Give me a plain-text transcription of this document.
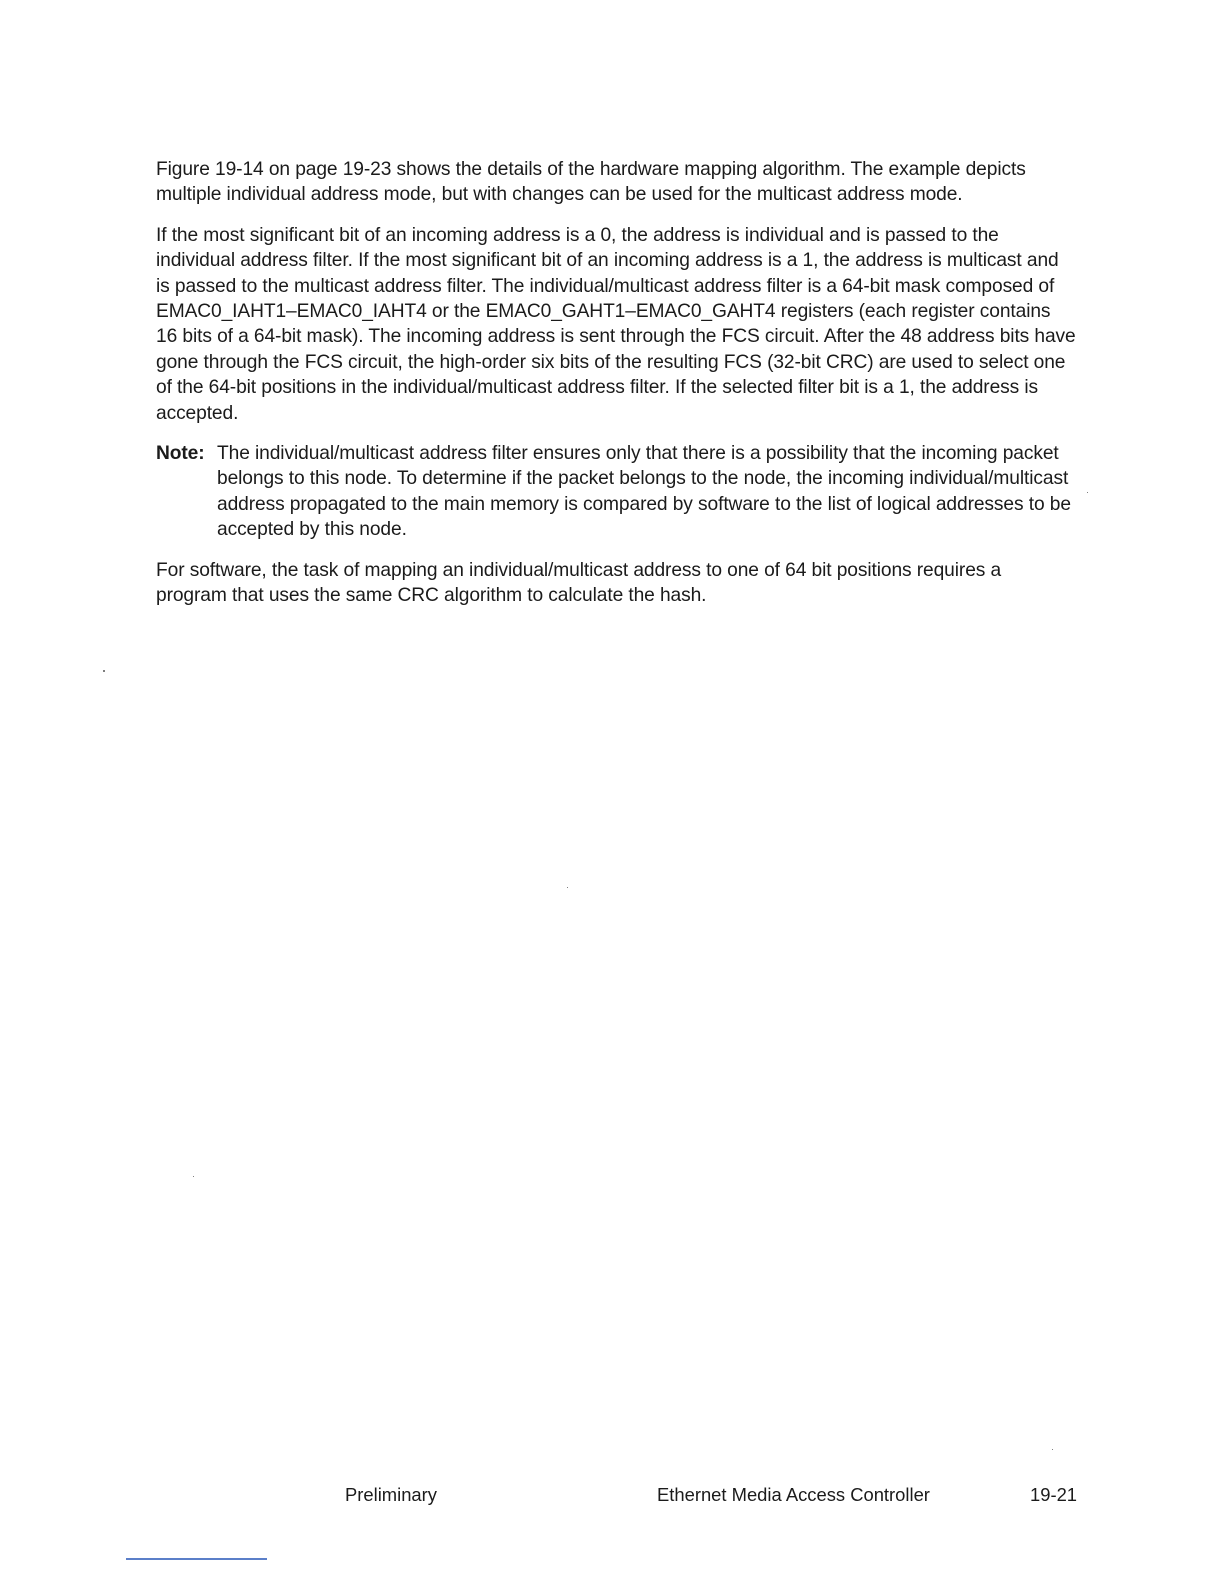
Figure 19-14 on page 19-23 shows the details of the hardware mapping algorithm. The example depicts multiple individual address mode, but with changes can be used for the multicast address mode.

If the most significant bit of an incoming address is a 0, the address is individual and is passed to the individual address filter. If the most significant bit of an incoming address is a 1, the address is multicast and is passed to the multicast address filter. The individual/multicast address filter is a 64-bit mask composed of EMAC0_IAHT1–EMAC0_IAHT4 or the EMAC0_GAHT1–EMAC0_GAHT4 registers (each register contains 16 bits of a 64-bit mask). The incoming address is sent through the FCS circuit. After the 48 address bits have gone through the FCS circuit, the high-order six bits of the resulting FCS (32-bit CRC) are used to select one of the 64-bit positions in the individual/multicast address filter. If the selected filter bit is a 1, the address is accepted.

Note: The individual/multicast address filter ensures only that there is a possibility that the incoming packet belongs to this node. To determine if the packet belongs to the node, the incoming individual/multicast address propagated to the main memory is compared by software to the list of logical addresses to be accepted by this node.

For software, the task of mapping an individual/multicast address to one of 64 bit positions requires a program that uses the same CRC algorithm to calculate the hash.

Preliminary	Ethernet Media Access Controller	19-21
